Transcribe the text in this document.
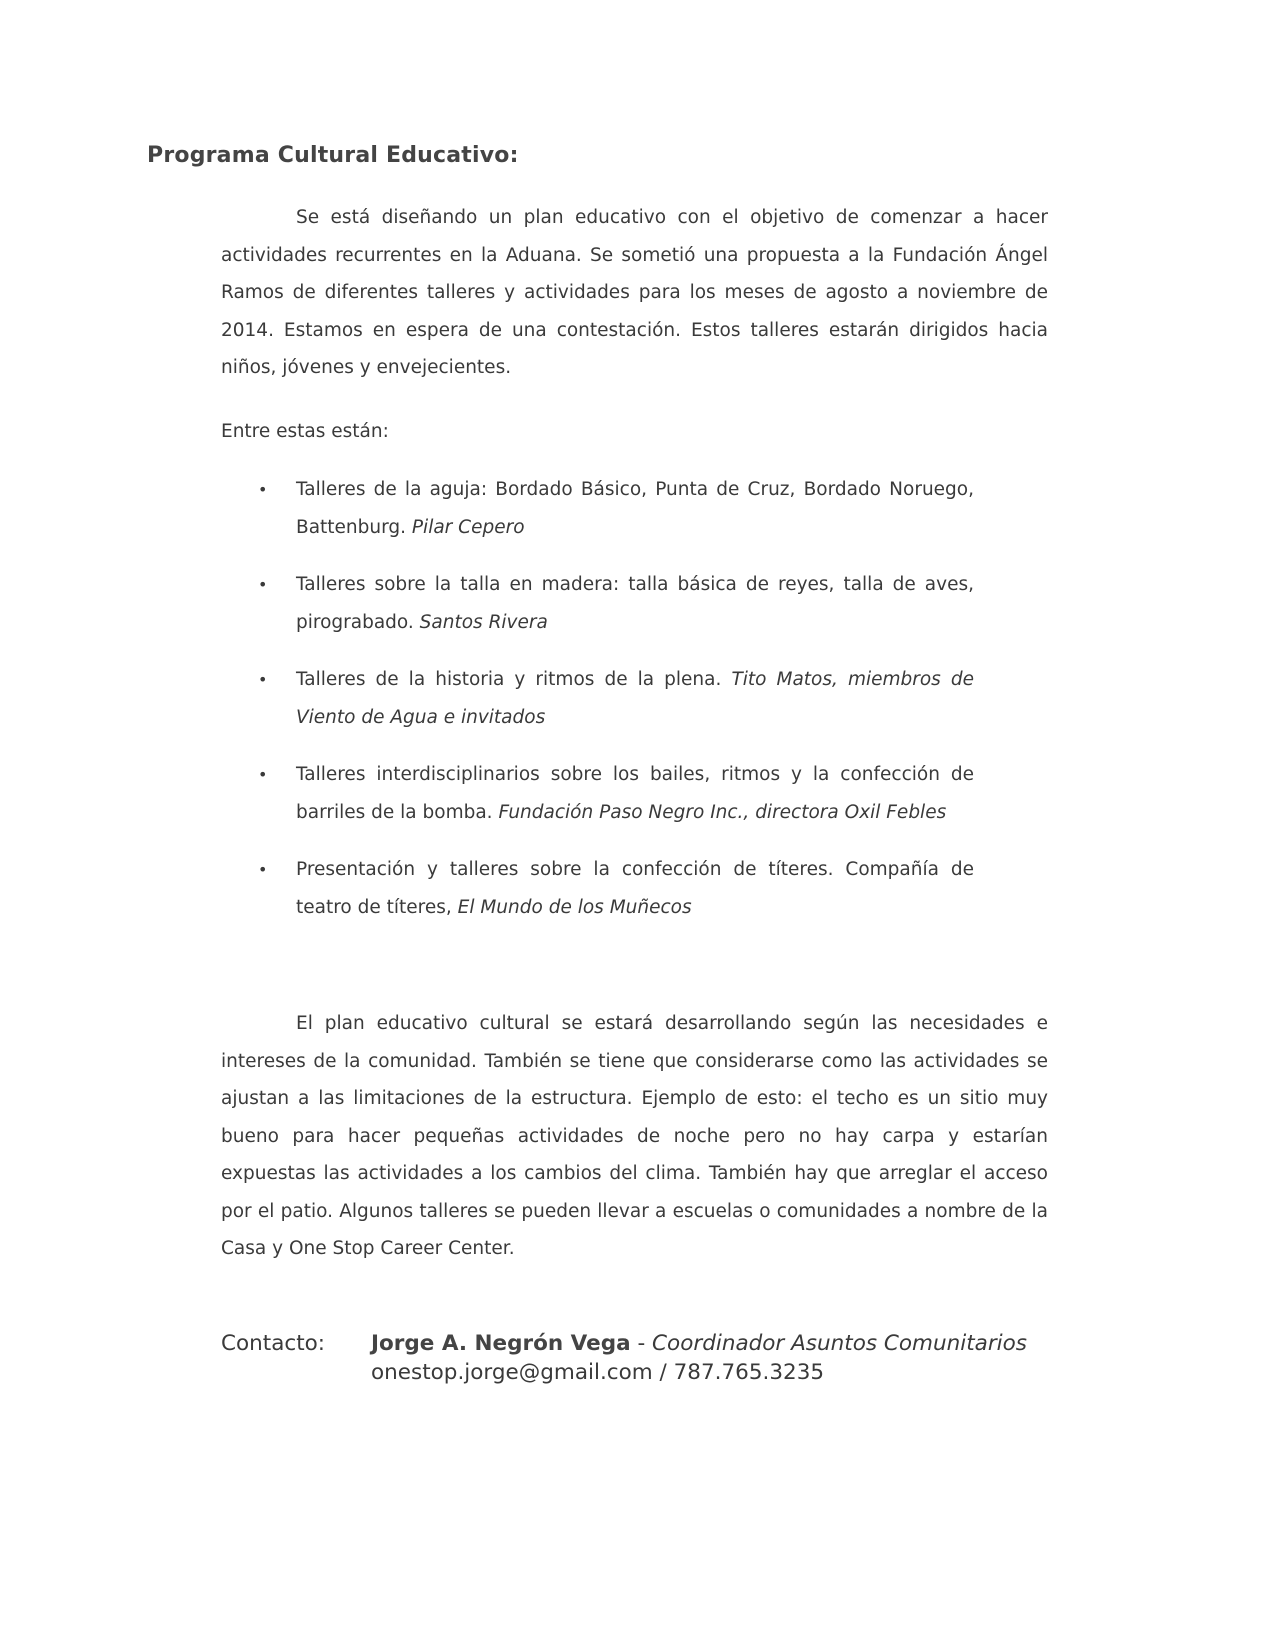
Programa Cultural Educativo:

Se está diseñando un plan educativo con el objetivo de comenzar a hacer actividades recurrentes en la Aduana. Se sometió una propuesta a la Fundación Ángel Ramos de diferentes talleres y actividades para los meses de agosto a noviembre de 2014. Estamos en espera de una contestación. Estos talleres estarán dirigidos hacia niños, jóvenes y envejecientes.

Entre estas están:

• Talleres de la aguja: Bordado Básico, Punta de Cruz, Bordado Noruego, Battenburg. Pilar Cepero
• Talleres sobre la talla en madera: talla básica de reyes, talla de aves, pirograbado. Santos Rivera
• Talleres de la historia y ritmos de la plena. Tito Matos, miembros de Viento de Agua e invitados
• Talleres interdisciplinarios sobre los bailes, ritmos y la confección de barriles de la bomba. Fundación Paso Negro Inc., directora Oxil Febles
• Presentación y talleres sobre la confección de títeres. Compañía de teatro de títeres, El Mundo de los Muñecos

El plan educativo cultural se estará desarrollando según las necesidades e intereses de la comunidad. También se tiene que considerarse como las actividades se ajustan a las limitaciones de la estructura. Ejemplo de esto: el techo es un sitio muy bueno para hacer pequeñas actividades de noche pero no hay carpa y estarían expuestas las actividades a los cambios del clima. También hay que arreglar el acceso por el patio. Algunos talleres se pueden llevar a escuelas o comunidades a nombre de la Casa y One Stop Career Center.

Contacto: Jorge A. Negrón Vega - Coordinador Asuntos Comunitarios
onestop.jorge@gmail.com / 787.765.3235
